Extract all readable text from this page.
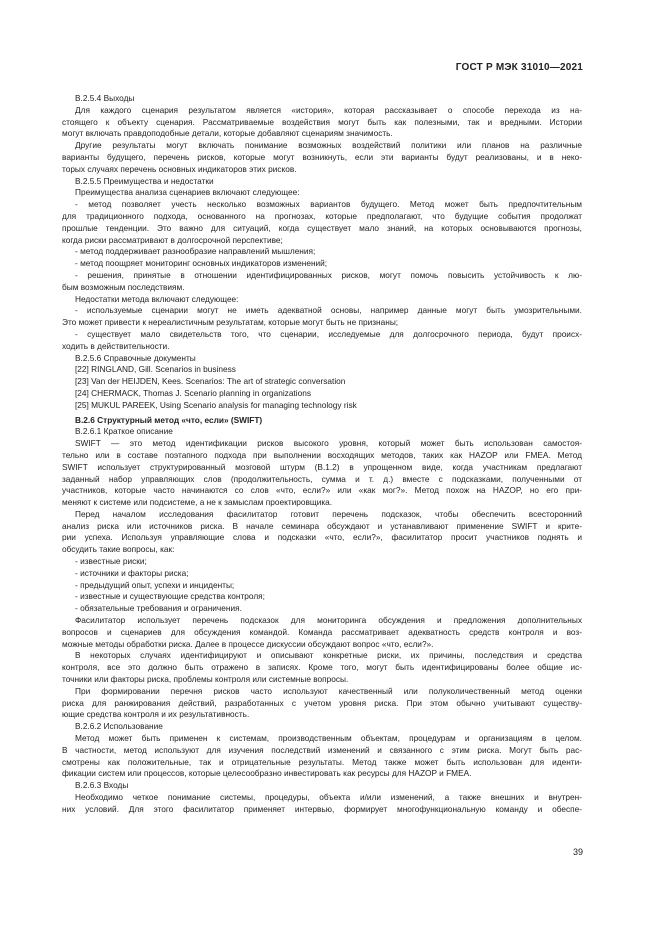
ГОСТ Р МЭК 31010—2021
В.2.5.4 Выходы
Для каждого сценария результатом является «история», которая рассказывает о способе перехода из на-
стоящего к объекту сценария. Рассматриваемые воздействия могут быть как полезными, так и вредными. Истории
могут включать правдоподобные детали, которые добавляют сценариям значимость.
Другие результаты могут включать понимание возможных воздействий политики или планов на различные
варианты будущего, перечень рисков, которые могут возникнуть, если эти варианты будут реализованы, и в неко-
торых случаях перечень основных индикаторов этих рисков.
В.2.5.5 Преимущества и недостатки
Преимущества анализа сценариев включают следующее:
- метод позволяет учесть несколько возможных вариантов будущего. Метод может быть предпочтительным
для традиционного подхода, основанного на прогнозах, которые предполагают, что будущие события продолжат
прошлые тенденции. Это важно для ситуаций, когда существует мало знаний, на которых основываются прогнозы,
когда риски рассматривают в долгосрочной перспективе;
- метод поддерживает разнообразие направлений мышления;
- метод поощряет мониторинг основных индикаторов изменений;
- решения, принятые в отношении идентифицированных рисков, могут помочь повысить устойчивость к лю-
бым возможным последствиям.
Недостатки метода включают следующее:
- используемые сценарии могут не иметь адекватной основы, например данные могут быть умозрительными.
Это может привести к нереалистичным результатам, которые могут быть не признаны;
- существует мало свидетельств того, что сценарии, исследуемые для долгосрочного периода, будут происх-
ходить в действительности.
В.2.5.6 Справочные документы
[22] RINGLAND, Gill. Scenarios in business
[23] Van der HEIJDEN, Kees. Scenarios: The art of strategic conversation
[24] CHERMACK, Thomas J. Scenario planning in organizations
[25] MUKUL PAREEK, Using Scenario analysis for managing technology risk
В.2.6 Структурный метод «что, если» (SWIFT)
В.2.6.1 Краткое описание
SWIFT — это метод идентификации рисков высокого уровня, который может быть использован самостоя-
тельно или в составе поэтапного подхода при выполнении восходящих методов, таких как HAZOP или FMEA. Метод
SWIFT использует структурированный мозговой штурм (В.1.2) в упрощенном виде, когда участникам предлагают
заданный набор управляющих слов (продолжительность, сумма и т. д.) вместе с подсказками, полученными от
участников, которые часто начинаются со слов «что, если?» или «как мог?». Метод похож на HAZOP, но его при-
меняют к системе или подсистеме, а не к замыслам проектировщика.
Перед началом исследования фасилитатор готовит перечень подсказок, чтобы обеспечить всесторонний
анализ риска или источников риска. В начале семинара обсуждают и устанавливают применение SWIFT и крите-
рии успеха. Используя управляющие слова и подсказки «что, если?», фасилитатор просит участников поднять и
обсудить такие вопросы, как:
- известные риски;
- источники и факторы риска;
- предыдущий опыт, успехи и инциденты;
- известные и существующие средства контроля;
- обязательные требования и ограничения.
Фасилитатор использует перечень подсказок для мониторинга обсуждения и предложения дополнительных
вопросов и сценариев для обсуждения командой. Команда рассматривает адекватность средств контроля и воз-
можные методы обработки риска. Далее в процессе дискуссии обсуждают вопрос «что, если?».
В некоторых случаях идентифицируют и описывают конкретные риски, их причины, последствия и средства
контроля, все это должно быть отражено в записях. Кроме того, могут быть идентифицированы более общие ис-
точники или факторы риска, проблемы контроля или системные вопросы.
При формировании перечня рисков часто используют качественный или полуколичественный метод оценки
риска для ранжирования действий, разработанных с учетом уровня риска. При этом обычно учитывают существу-
ющие средства контроля и их результативность.
В.2.6.2 Использование
Метод может быть применен к системам, производственным объектам, процедурам и организациям в целом.
В частности, метод используют для изучения последствий изменений и связанного с этим риска. Могут быть рас-
смотрены как положительные, так и отрицательные результаты. Метод также может быть использован для иденти-
фикации систем или процессов, которые целесообразно инвестировать как ресурсы для HAZOP и FMEA.
В.2.6.3 Входы
Необходимо четкое понимание системы, процедуры, объекта и/или изменений, а также внешних и внутрен-
них условий. Для этого фасилитатор применяет интервью, формирует многофункциональную команду и обеспе-
39
